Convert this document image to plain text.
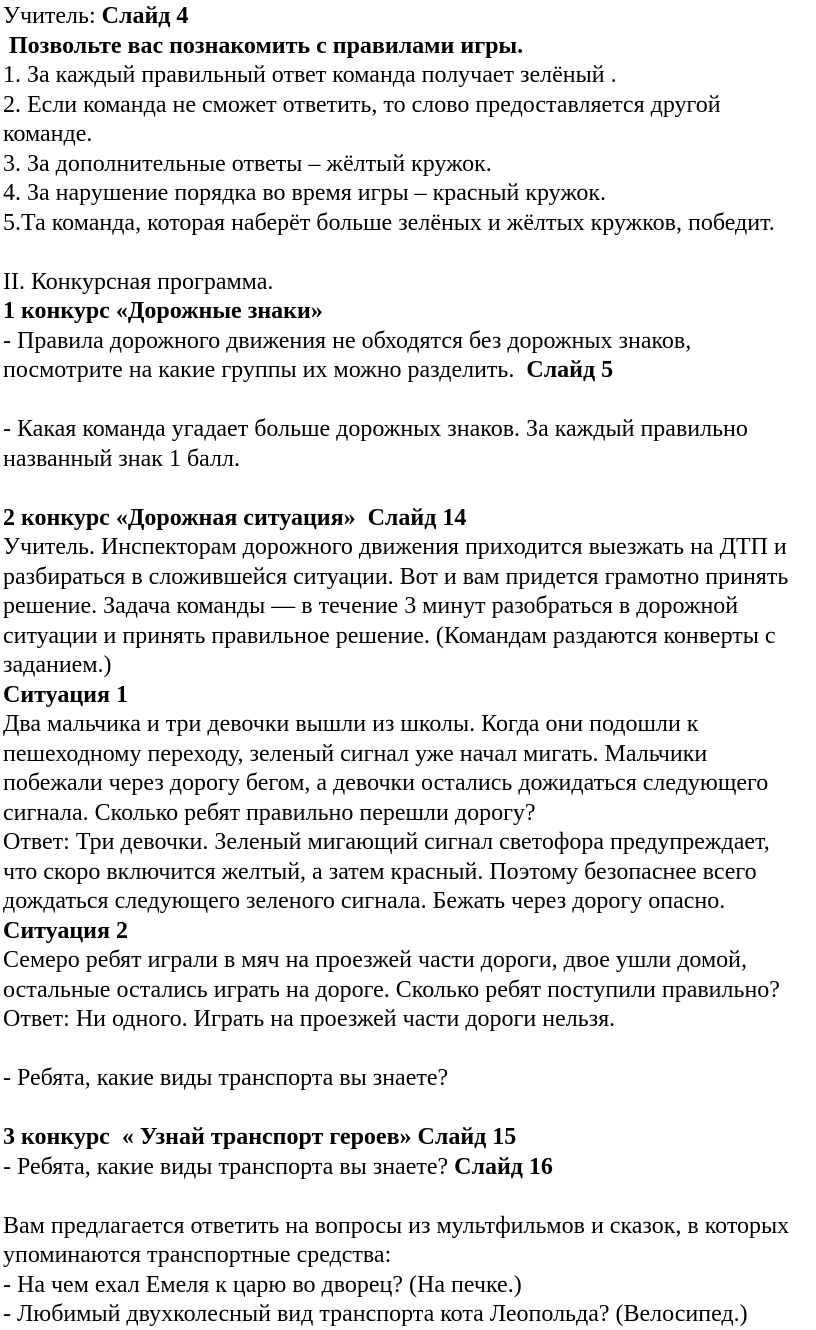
Учитель: Слайд 4
Позвольте вас познакомить с правилами игры.
1. За каждый правильный ответ команда получает зелёный .
2. Если команда не сможет ответить, то слово предоставляется другой
команде.
3. За дополнительные ответы – жёлтый кружок.
4. За нарушение порядка во время игры – красный кружок.
5.Та команда, которая наберёт больше зелёных и жёлтых кружков, победит.
II. Конкурсная программа.
1 конкурс «Дорожные знаки»
- Правила дорожного движения не обходятся без дорожных знаков,
посмотрите на какие группы их можно разделить.  Слайд 5
- Какая команда угадает больше дорожных знаков. За каждый правильно
названный знак 1 балл.
2 конкурс «Дорожная ситуация»  Слайд 14
Учитель. Инспекторам дорожного движения приходится выезжать на ДТП и
разбираться в сложившейся ситуации. Вот и вам придется грамотно принять
решение. Задача команды — в течение 3 минут разобраться в дорожной
ситуации и принять правильное решение. (Командам раздаются конверты с
заданием.)
Ситуация 1
Два мальчика и три девочки вышли из школы. Когда они подошли к
пешеходному переходу, зеленый сигнал уже начал мигать. Мальчики
побежали через дорогу бегом, а девочки остались дожидаться следующего
сигнала. Сколько ребят правильно перешли дорогу?
Ответ: Три девочки. Зеленый мигающий сигнал светофора предупреждает,
что скоро включится желтый, а затем красный. Поэтому безопаснее всего
дождаться следующего зеленого сигнала. Бежать через дорогу опасно.
Ситуация 2
Семеро ребят играли в мяч на проезжей части дороги, двое ушли домой,
остальные остались играть на дороге. Сколько ребят поступили правильно?
Ответ: Ни одного. Играть на проезжей части дороги нельзя.
- Ребята, какие виды транспорта вы знаете?
3 конкурс  « Узнай транспорт героев» Слайд 15
- Ребята, какие виды транспорта вы знаете? Слайд 16
Вам предлагается ответить на вопросы из мультфильмов и сказок, в которых
упоминаются транспортные средства:
- На чем ехал Емеля к царю во дворец? (На печке.)
- Любимый двухколесный вид транспорта кота Леопольда? (Велосипед.)
